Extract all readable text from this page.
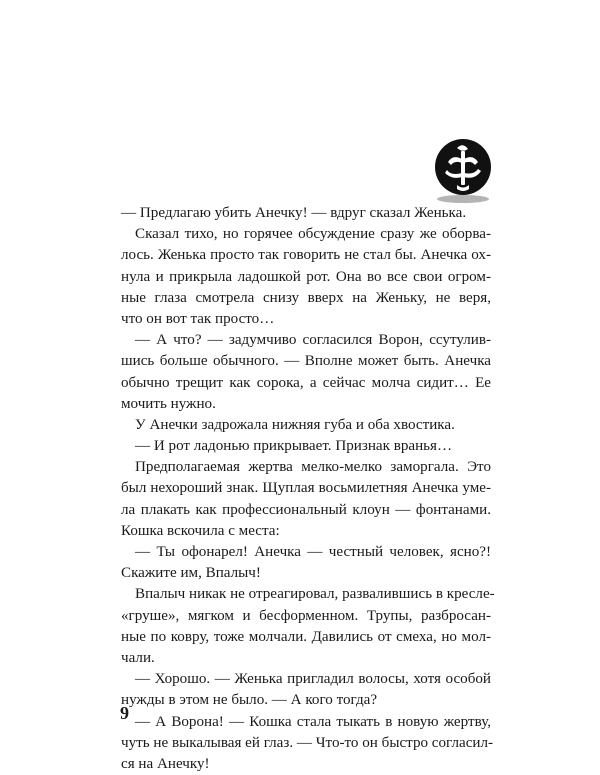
— Предлагаю убить Анечку! — вдруг сказал Женька.
Сказал тихо, но горячее обсуждение сразу же оборва-
лось. Женька просто так говорить не стал бы. Анечка ох-
нула и прикрыла ладошкой рот. Она во все свои огром-
ные глаза смотрела снизу вверх на Женьку, не веря,
что он вот так просто…
— А что? — задумчиво согласился Ворон, ссутулив-
шись больше обычного. — Вполне может быть. Анечка
обычно трещит как сорока, а сейчас молча сидит… Ее
мочить нужно.
У Анечки задрожала нижняя губа и оба хвостика.
— И рот ладонью прикрывает. Признак вранья…
Предполагаемая жертва мелко-мелко заморгала. Это
был нехороший знак. Щуплая восьмилетняя Анечка уме-
ла плакать как профессиональный клоун — фонтанами.
Кошка вскочила с места:
— Ты офонарел! Анечка — честный человек, ясно?!
Скажите им, Впалыч!
Впалыч никак не отреагировал, развалившись в кресле-
«груше», мягком и бесформенном. Трупы, разбросан-
ные по ковру, тоже молчали. Давились от смеха, но мол-
чали.
— Хорошо. — Женька пригладил волосы, хотя особой
нужды в этом не было. — А кого тогда?
— А Ворона! — Кошка стала тыкать в новую жертву,
чуть не выкалывая ей глаз. — Что-то он быстро согласил-
ся на Анечку!
9
